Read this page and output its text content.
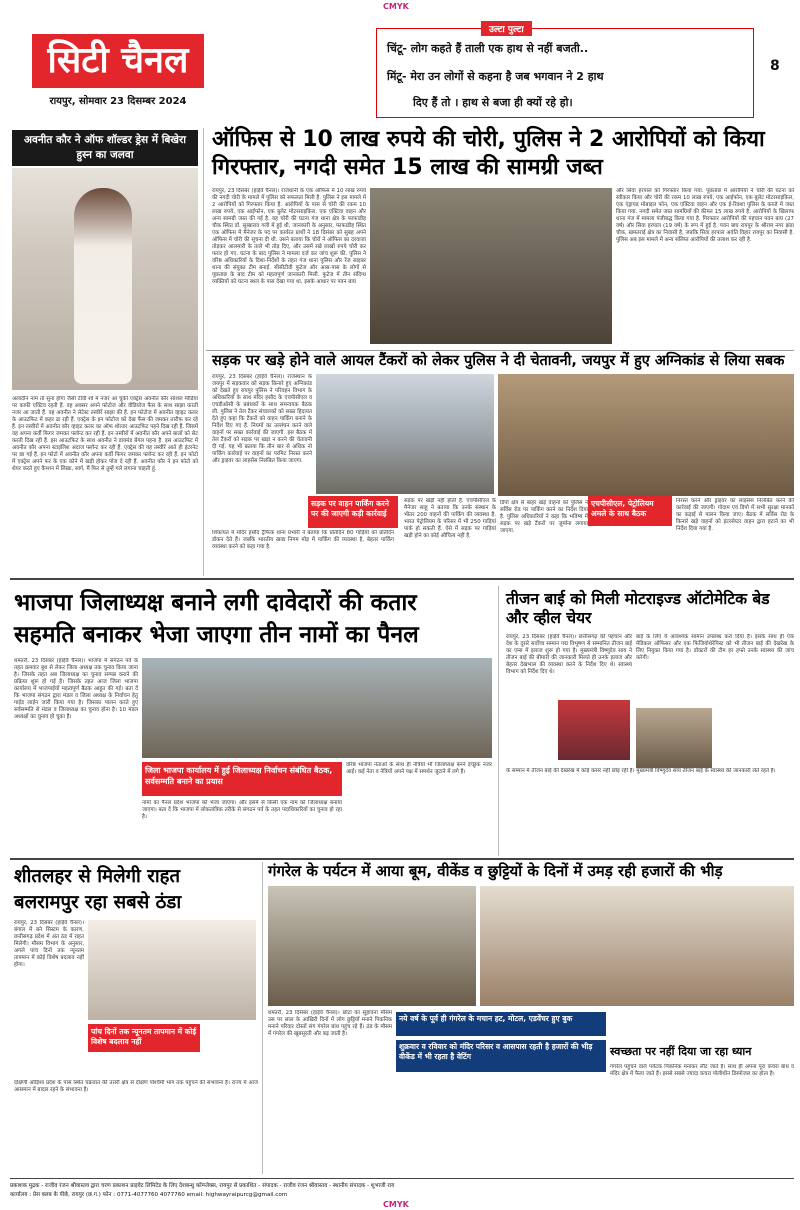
CMYK
सिटी चैनल
रायपुर, सोमवार 23 दिसम्बर 2024
8
उल्टा पुल्टा
चिंटू- लोग कहते हैं ताली एक हाथ से नहीं बजती..
मिंटू- मेरा उन लोगों से कहना है जब भगवान ने 2 हाथ
दिए हैं तो । हाथ से बजा ही क्यों रहे हो।
अवनीत कौर ने ऑफ शॉल्डर ड्रेस में बिखेरा हुस्न का जलवा
अलादीन नाम तो सुना होगा जैसी टीवी शो में नजर आ चुकीं एक्ट्रेस अवनीत कौर सोशल मीडिया पर काफी एक्टिव रहती हैं. वह अक्सर अपने फोटोज और वीडियोज फैंस के साथ साझा करती नजर आ जाती हैं. वह अवनीत ने लेटेस्ट तस्वीरें साझा की हैं. इन फोटोज में अवनीत व्हाइट कलर के आउटफिट में कहर ढा रही हैं. एक्ट्रेस के इन फोटोज को देख फैंस की जमकर तारीफ कर रहे हैं. इन तस्वीरों में अवनीत कौर व्हाइट कलर का ऑफ शोल्डर आउटफिट पहने दिख रही हैं, जिसमें वह अपना कर्वी फिगर जमकर फ्लॉन्ट कर रही हैं. इन तस्वीरों में अवनीत कौर अपने बालों को सेट करती दिख रही हैं. इस आउटफिट के साथ अवनीत ने डायमंड बेंगल पहना है. इस आउटफिट में अवनीत कौर अपना स्टाइलिश अंदाज फ्लॉन्ट कर रही हैं. एक्ट्रेस की यह तस्वीरें आते ही इंटरनेट पर छा गई हैं. इन फोटो में अवनीत कौर अपना कर्वी फिगर जमकर फ्लॉन्ट कर रही हैं. इन फोटो में एक्ट्रेस अपने फर के एक कोने में खड़ी होकर पोज दे रही हैं. अवनीत कौर ने इन फोटो को शेयर करते हुए कैप्शन में लिखा, स्वर्ग, मैं फिर से तुम्हें गले लगाना चाहती हूं.
ऑफिस से 10 लाख रुपये की चोरी, पुलिस ने 2 आरोपियों को किया गिरफ्तार, नगदी समेत 15 लाख की सामग्री जब्त
रायपुर, 23 दिसंबर (हाईवे चैनल)। राजधानी के एक ऑफिस में 10 लाख रुपये की नगदी चोरी के मामले में पुलिस को सफलता मिली है. पुलिस ने इस मामले में 2 आरोपियों को गिरफ्तार किया है. आरोपियों के पास से चोरी की रकम 10 लाख रुपये, एक आईफोन, एक बुलेट मोटरसाइकिल, एक एक्टिवा वाहन और अन्य सामग्री जब्त की गई है. यह चोरी की घटना गंज थाना क्षेत्र के फाफाडीह चौक स्थित डॉ. सुब्बाराव गली में हुई थी. जानकारी के अनुसार, फाफाडीह स्थित एक ऑफिस में मैनेजर के पद पर कार्यरत प्रार्थी ने 18 दिसंबर को सुबह अपने ऑफिस में चोरी की सूचना दी थी. उसने बताया कि चोरों ने ऑफिस का दरवाजा तोड़कर आलमारी के ताले भी तोड़ दिए, और उसमें रखे लाखों रुपये चोरी कर फरार हो गए. घटना के बाद पुलिस ने मामला दर्ज कर जांच शुरू की. पुलिस ने वरिष्ठ अधिकारियों के दिशा-निर्देशों के तहत गंज थाना पुलिस और रेंज साइबर थाना की संयुक्त टीम बनाई. सीसीटीवी फुटेज और आस-पास के लोगों से पूछताछ के बाद टीम को महत्वपूर्ण जानकारी मिली. फुटेज में तीन संदिग्ध व्यक्तियों को घटना स्थल के पास देखा गया था, इसके आधार पर पवन बाघ
और सिवा हरपाल को गिरफ्तार किया गया. पूछताछ में आरोपियों ने चोरी की घटना को स्वीकार किया और चोरी की रकम 10 लाख रुपये, एक आईफोन, एक बुलेट मोटरसाइकिल, एक एंड्रायड मोबाइल फोन, एक एक्टिवा वाहन और एक ई-रिक्शा पुलिस के कब्जे में जब्त किया गया. नगदी समेत जब्त सामग्रियों की कीमत 15 लाख रुपये है. आरोपियों के खिलाफ थाना गंज में मामला पंजीबद्ध किया गया है. गिरफ्तार आरोपियों की पहचान पवन बाघ (27 वर्ष) और सिवा हरपाल (19 वर्ष) के रूप में हुई है. पवन बाघ रायपुर के श्रीराम नगर झंडा चौक, खमतराई क्षेत्र का निवासी है, जबकि सिवा हरपाल अवंति विहार रायपुर का निवासी है. पुलिस अब इस मामले में अन्य संलिप्त आरोपियों की तलाश कर रही है.
सड़क पर खड़े होने वाले आयल टैंकरों को लेकर पुलिस ने दी चेतावनी, जयपुर में हुए अग्निकांड से लिया सबक
रायपुर, 23 दिसंबर (हाईवे चैनल)। राजस्थान के जयपुर में सड़कवार को सड़क किनारे हुए अग्निकांड को देखते हुए रायपुर पुलिस ने परिवहन विभाग के अधिकारियों के साथ मंदिर हसौद के एचपीसीएल व एचडीओसी के प्रबंधकों के साथ समन्वयक बैठक ली. पुलिस ने तेल टैंकर संचालकों को सख्त हिदायत देते हुए कहा कि टैंकरों को वाहन पार्किंग बनाने के निर्देश दिए गए हैं. नियमों का उल्लंघन करने वाले वाहनों पर सख्त कार्रवाई की जाएगी. इस बैठक में तेल टैंकरों को सड़क पर खड़ा न करने की चेतावनी दी गई. यह भी बताया कि तीन बार से अधिक नो पार्किंग कार्रवाई पर वाहनों का परमिट निरस्त करने और ड्राइवर का लाइसेंस निलंबित किया जाएगा.
सड़क पर वाहन पार्किंग करने पर की जाएगी कड़ी कार्रवाई
शिकायत में मंदिर हसौद ट्रैफिक थाना प्रभारी ने बताया कि प्रतिदिन 80 गाड़ियों को प्रतिदिन डोकन देते हैं। जबकि भारतीय खाद्य निगम मोड़ में पार्किंग की व्यवस्था है, बेहतर पार्किंग व्यवस्था करने को कहा गया है.
सड़क पर खड़ी नहीं होती है. एचपीसीएल के मैनेजर साहू ने बताया कि उनके संस्थान के भीतर 200 वाहनों की पार्किंग की व्यवस्था है. भारत पेट्रोलियम के परिसर में भी 250 गाड़ियां पार्क हो सकती हैं. ऐसे में सड़क पर गाड़ियां खड़ी होने का कोई औचित्य नहीं है.
डिपो क्षेत्र से बाहर खड़े वाहनों को पुलिस ने सर्विस रोड पर पार्किंग करने का निर्देश दिया है. पुलिस अधिकारियों ने कहा कि भविष्य में सड़क पर खड़े टैंकरों पर जुर्माना लगाया जाएगा.
एचपीसीएल, पेट्रोलियम अमले के साथ बैठक
निरस्त करने और ड्राइवर का लाइसेंस निलंबित करने की कार्रवाई की जाएगी। गोदाम एवं डिपो में सभी सुरक्षा मानकों का कड़ाई से पालन किया जाए। बैठक में सर्विस रोड के किनारे खड़े वाहनों को इंटरसेप्टर वाहन द्वारा हटाने का भी निर्देश दिया गया है.
भाजपा जिलाध्यक्ष बनाने लगी दावेदारों की कतार
सहमति बनाकर भेजा जाएगा तीन नामों का पैनल
धमतरी, 23 दिसंबर (हाईवे चैनल)। भाजपा में संगठन पर्व के तहत क्रमवार बूथ से लेकर जिला अध्यक्ष तक चुनाव किया जाना है। जिसके तहत अब जिलाध्यक्ष का चुनाव सम्पन्न कराने की प्रक्रिया शुरू हो गई है। जिसके तहत आज जिला भाजपा कार्यालय में भाजपाईयों महत्वपूर्ण बैठक आहूत की गई। बता दें कि भाजपा संगठन द्वारा मंडल व जिला अध्यक्ष के निर्वाचन हेतु गाईड लाईन जारी किया गया है। जिसका पालन करते हुए सर्वसम्मति से मंडल व जिलाध्यक्ष का चुनाव होना है। 10 मंडल अध्यक्षों का चुनाव हो चुका है।
जिला भाजपा कार्यालय में हुई जिलाध्यक्ष निर्वाचन संबंधित बैठक, सर्वसम्मति बनाने का प्रयास
नामों का पैनल प्रदेश भाजपा को भेजा जाएगा। और इसमें से किसी एक नाम को जिलाध्यक्ष बनाया जाएगा। बता दें कि भाजपा में लोकतांत्रिक तरीके से संगठन पर्व के तहत पदाधिकारियों का चुनाव हो रहा है।
वरिष्ठ भाजपा नेताओं के साथ ही नेत्रियों भी जिलाध्यक्ष बनने इच्छुक नजर आईं। कई नेता व नेत्रियों अपने पक्ष में समर्थन जुटाने में लगे हैं।
तीजन बाई को मिली मोटराइज्ड ऑटोमेटिक बेड और व्हील चेयर
रायपुर, 23 दिसंबर (हाईवे चैनल)। छत्तीसगढ़ की पहचान और देश के दूसरे सर्वोच्च सम्मान पद्म विभूषण से सम्मानित तीजन बाई का एम्स में इलाज शुरू हो गया है। मुख्यमंत्री विष्णुदेव साय ने तीजन बाई की बीमारी की जानकारी मिलते ही उनके इलाज और बेहतर देखभाल की व्यवस्था करने के निर्देश दिए थे। स्वास्थ्य विभाग को निर्देश दिए थे।
बाई के लिए ये आवश्यक सामान उपलब्ध करा दिया है। इसके साथ ही एक मेडिकल ऑफिसर और एक फिजियोथेरेपिस्ट को भी तीजन बाई की देखरेख के लिए नियुक्त किया गया है। डॉक्टरों की टीम हर हफ्ते उनके स्वास्थ्य की जांच करेगी।
के सम्मान में तीजन बाई की देखरेख में कोई कसर नहीं छोड़ रही है। मुख्यमंत्री विष्णुदेव साय तीजन बाई के स्वास्थ्य की जानकारी लेते रहते हैं।
शीतलहर से मिलेगी राहत
बलरामपुर रहा सबसे ठंडा
रायपुर, 23 दिसंबर (हाईवे चैनल)। बंगाल में बने सिस्टम के कारण, छत्तीसगढ़ प्रदेश में अंत ठंड में राहत मिलेगी। मौसम विभाग के अनुसार, अगले पांच दिनों तक न्यूनतम तापमान में कोई विशेष बदलाव नहीं होगा।
पांच दिनों तक न्यूनतम तापमान में कोई विशेष बदलाव नहीं
दक्षिणी ओड़िशा प्रदेश के पास स्थित चक्रवात की उत्तरी क्षेत्र से दक्षिण पश्चिमी भाग तक पहुंचने की संभावना है। राज्य में आज आसमान में बादल रहने के संभावना है।
गंगरेल के पर्यटन में आया बूम, वीकेंड व छुट्टियों के दिनों में उमड़ रही हजारों की भीड़
धमतरी, 23 दिसंबर (हाईवे चैनल)। छोटा का सुहावना मौसम उस पर साल के आखिरी दिनों में लोग छुट्टियाँ मनाने पिकनिक मनाने परिवार दोस्तों संग गंगरेल बांध पहुंच रहे हैं। ठंड के मौसम में गंगरेल की खूबसूरती और बढ़ जाती है।
नये वर्ष के पूर्व ही गंगरेल के मचान हट, मोटल, एडवेंचर हुए बुक
शुक्रवार व रविवार को मंदिर परिसर व आसपास रहती है हजारों की भीड़ वीकेंड में भी रहता है वेटिंग	स्वच्छता पर नहीं दिया जा रहा ध्यान
गंगरेल पहुंचने वाले पर्यटक पिकनिक मनाकर लौट जाते हैं। साथ ही अपना पूरा कचरा बांध व मंदिर क्षेत्र में फैला जाते हैं। इससे सबसे ज्यादा कचरा पोलीथीन डिस्पोजल का होता है।
प्रकाशक मुद्रक - राजीव रंजन श्रीवास्तव द्वारा चरण प्रकाशन प्राइवेट लिमिटेड के लिए देशबन्धु कॉम्प्लेक्स, रायपुर से प्रकाशित - संपादक - राजीव रंजन श्रीवास्तव - स्थानीय संपादक - शुभाजी राय
कार्यालय : प्रेस क्लब के पीछे, रायपुर (छ.ग.) फोन : 0771-4077760 4077760 email: highwayraipurcg@gmail.com
CMYK
